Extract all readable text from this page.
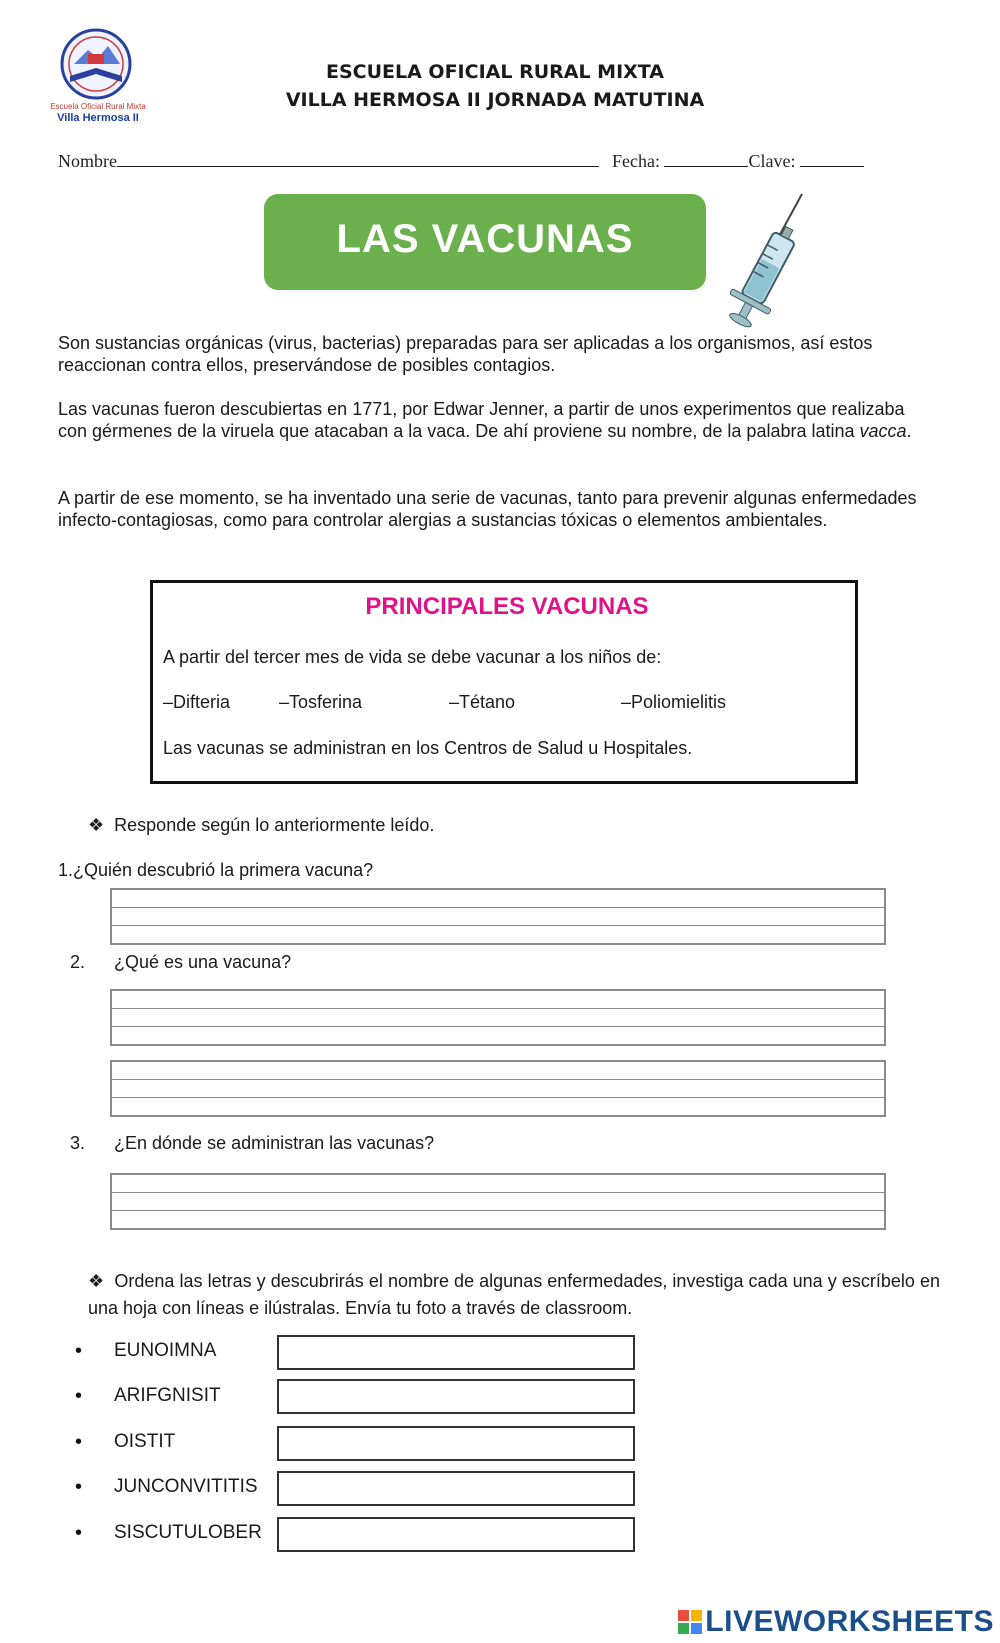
Escuela Oficial Rural Mixta
Villa Hermosa II
ESCUELA OFICIAL RURAL MIXTA
VILLA HERMOSA II JORNADA MATUTINA
Nombre	Fecha:	Clave:
LAS VACUNAS
Son sustancias orgánicas (virus, bacterias) preparadas para ser aplicadas a los organismos, así estos reaccionan contra ellos, preservándose de posibles contagios.
Las vacunas fueron descubiertas en 1771, por Edwar Jenner, a partir de unos experimentos que realizaba con gérmenes de la viruela que atacaban a la vaca. De ahí proviene su nombre, de la palabra latina vacca.
A partir de ese momento, se ha inventado una serie de vacunas, tanto para prevenir algunas enfermedades infecto-contagiosas, como para controlar alergias a sustancias tóxicas o elementos ambientales.
PRINCIPALES VACUNAS
A partir del tercer mes de vida se debe vacunar a los niños de:
–Difteria	–Tosferina	–Tétano	–Poliomielitis
Las vacunas se administran en los Centros de Salud u Hospitales.
❖ Responde según lo anteriormente leído.
1.¿Quién descubrió la primera vacuna?
2. ¿Qué es una vacuna?
3. ¿En dónde se administran las vacunas?
❖ Ordena las letras y descubrirás el nombre de algunas enfermedades, investiga cada una y escríbelo en una hoja con líneas e ilústralas. Envía tu foto a través de classroom.
• EUNOIMNA
• ARIFGNISIT
• OISTIT
• JUNCONVITITIS
• SISCUTULOBER
LIVEWORKSHEETS
